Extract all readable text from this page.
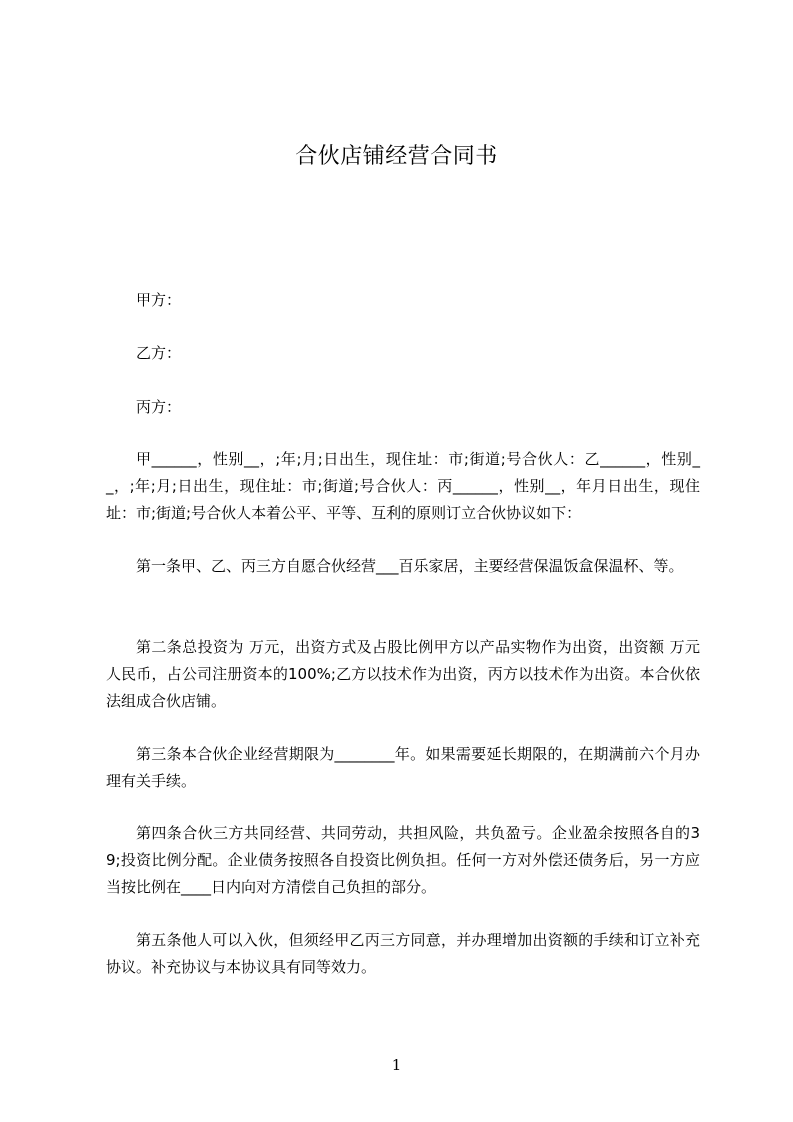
合伙店铺经营合同书

甲方：

乙方：

丙方：

甲______，性别__，;年;月;日出生，现住址：市;街道;号合伙人：乙______，性别__，;年;月;日出生，现住址：市;街道;号合伙人：丙______，性别__，年月日出生，现住址：市;街道;号合伙人本着公平、平等、互利的原则订立合伙协议如下：

第一条甲、乙、丙三方自愿合伙经营___百乐家居，主要经营保温饭盒保温杯、等。

第二条总投资为 万元，出资方式及占股比例甲方以产品实物作为出资，出资额 万元人民币，占公司注册资本的100%;乙方以技术作为出资，丙方以技术作为出资。本合伙依法组成合伙店铺。

第三条本合伙企业经营期限为________年。如果需要延长期限的，在期满前六个月办理有关手续。

第四条合伙三方共同经营、共同劳动，共担风险，共负盈亏。企业盈余按照各自的39;投资比例分配。企业债务按照各自投资比例负担。任何一方对外偿还债务后，另一方应当按比例在____日内向对方清偿自己负担的部分。

第五条他人可以入伙，但须经甲乙丙三方同意，并办理增加出资额的手续和订立补充协议。补充协议与本协议具有同等效力。

1
